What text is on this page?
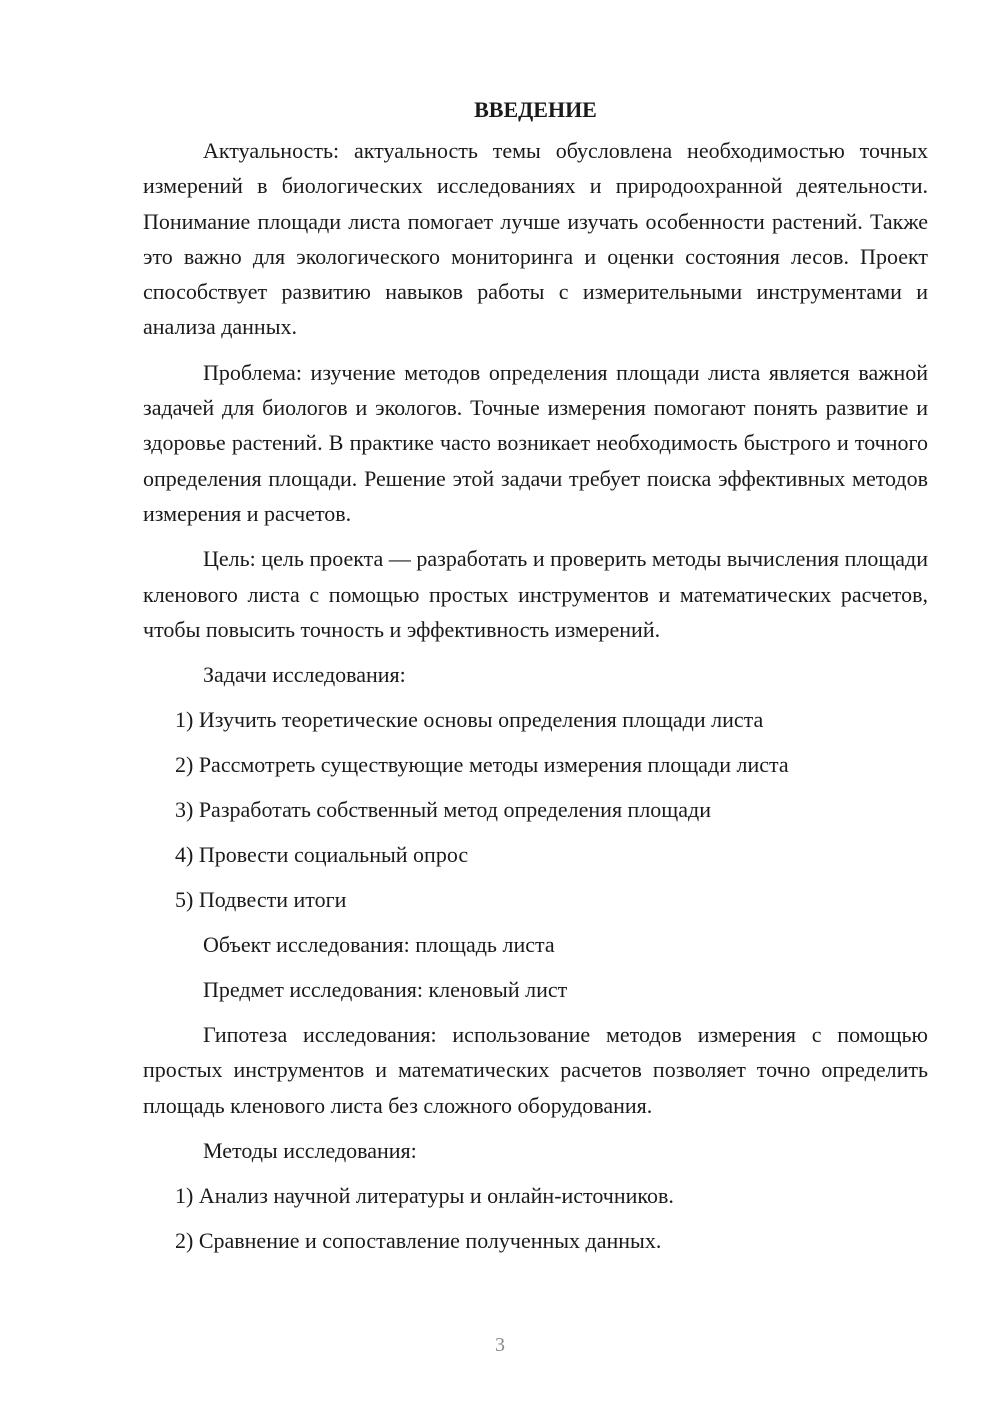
ВВЕДЕНИЕ
Актуальность: актуальность темы обусловлена необходимостью точных измерений в биологических исследованиях и природоохранной деятельности. Понимание площади листа помогает лучше изучать особенности растений. Также это важно для экологического мониторинга и оценки состояния лесов. Проект способствует развитию навыков работы с измерительными инструментами и анализа данных.
Проблема: изучение методов определения площади листа является важной задачей для биологов и экологов. Точные измерения помогают понять развитие и здоровье растений. В практике часто возникает необходимость быстрого и точного определения площади. Решение этой задачи требует поиска эффективных методов измерения и расчетов.
Цель: цель проекта — разработать и проверить методы вычисления площади кленового листа с помощью простых инструментов и математических расчетов, чтобы повысить точность и эффективность измерений.
Задачи исследования:
1) Изучить теоретические основы определения площади листа
2) Рассмотреть существующие методы измерения площади листа
3) Разработать собственный метод определения площади
4) Провести социальный опрос
5) Подвести итоги
Объект исследования: площадь листа
Предмет исследования: кленовый лист
Гипотеза исследования: использование методов измерения с помощью простых инструментов и математических расчетов позволяет точно определить площадь кленового листа без сложного оборудования.
Методы исследования:
1) Анализ научной литературы и онлайн-источников.
2) Сравнение и сопоставление полученных данных.
3
